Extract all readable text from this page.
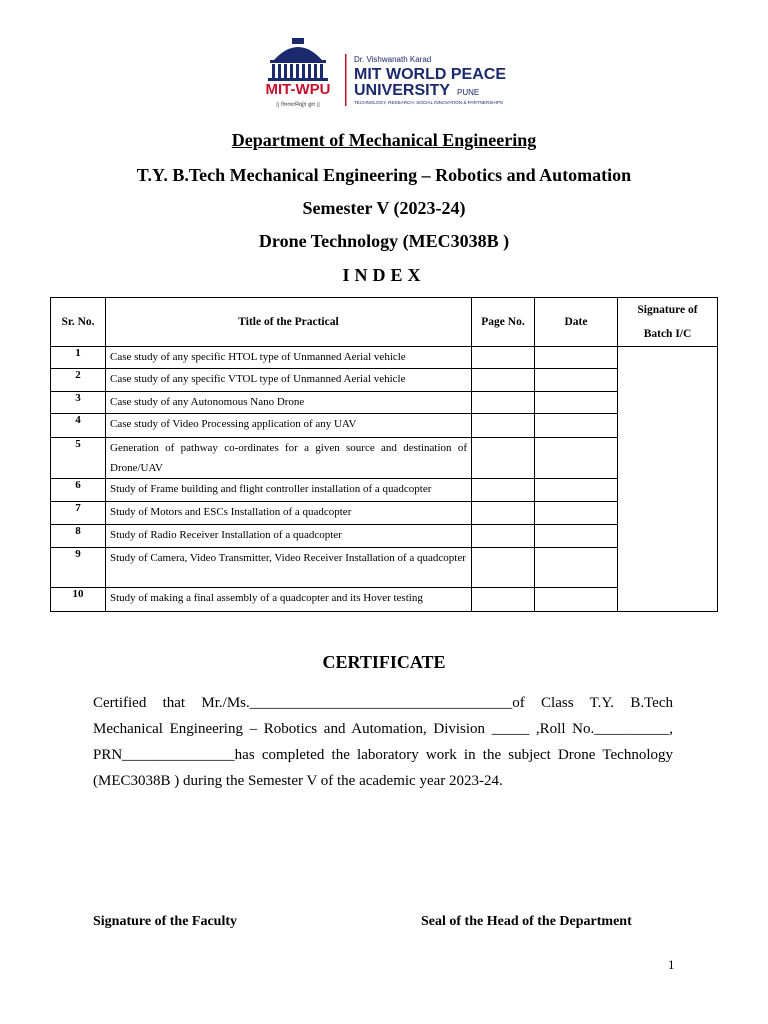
MIT-WPU
|| विश्वशान्तिर्ध्रुवं ध्रुवा ||
Dr. Vishwanath Karad
MIT WORLD PEACE
UNIVERSITY PUNE
TECHNOLOGY, RESEARCH, SOCIAL INNOVATION & PARTNERSHIPS
Department of Mechanical Engineering
T.Y. B.Tech Mechanical Engineering – Robotics and Automation
Semester V (2023-24)
Drone Technology (MEC3038B )
INDEX
Sr. No.	Title of the Practical	Page No.	Date	Signature of Batch I/C
1	Case study of any specific HTOL type of Unmanned Aerial vehicle			
2	Case study of any specific VTOL type of Unmanned Aerial vehicle			
3	Case study of any Autonomous Nano Drone			
4	Case study of Video Processing application of any UAV			
5	Generation of pathway co-ordinates for a given source and destination of Drone/UAV			
6	Study of Frame building and flight controller installation of a quadcopter			
7	Study of Motors and ESCs Installation of a quadcopter			
8	Study of Radio Receiver Installation of a quadcopter			
9	Study of Camera, Video Transmitter, Video Receiver Installation of a quadcopter			
10	Study of making a final assembly of a quadcopter and its Hover testing			
CERTIFICATE
Certified that Mr./Ms.___________________________________of Class T.Y. B.Tech Mechanical Engineering – Robotics and Automation, Division _____ ,Roll No.__________, PRN_______________has completed the laboratory work in the subject Drone Technology (MEC3038B ) during the Semester V of the academic year 2023-24.
Signature of the Faculty	Seal of the Head of the Department
1
